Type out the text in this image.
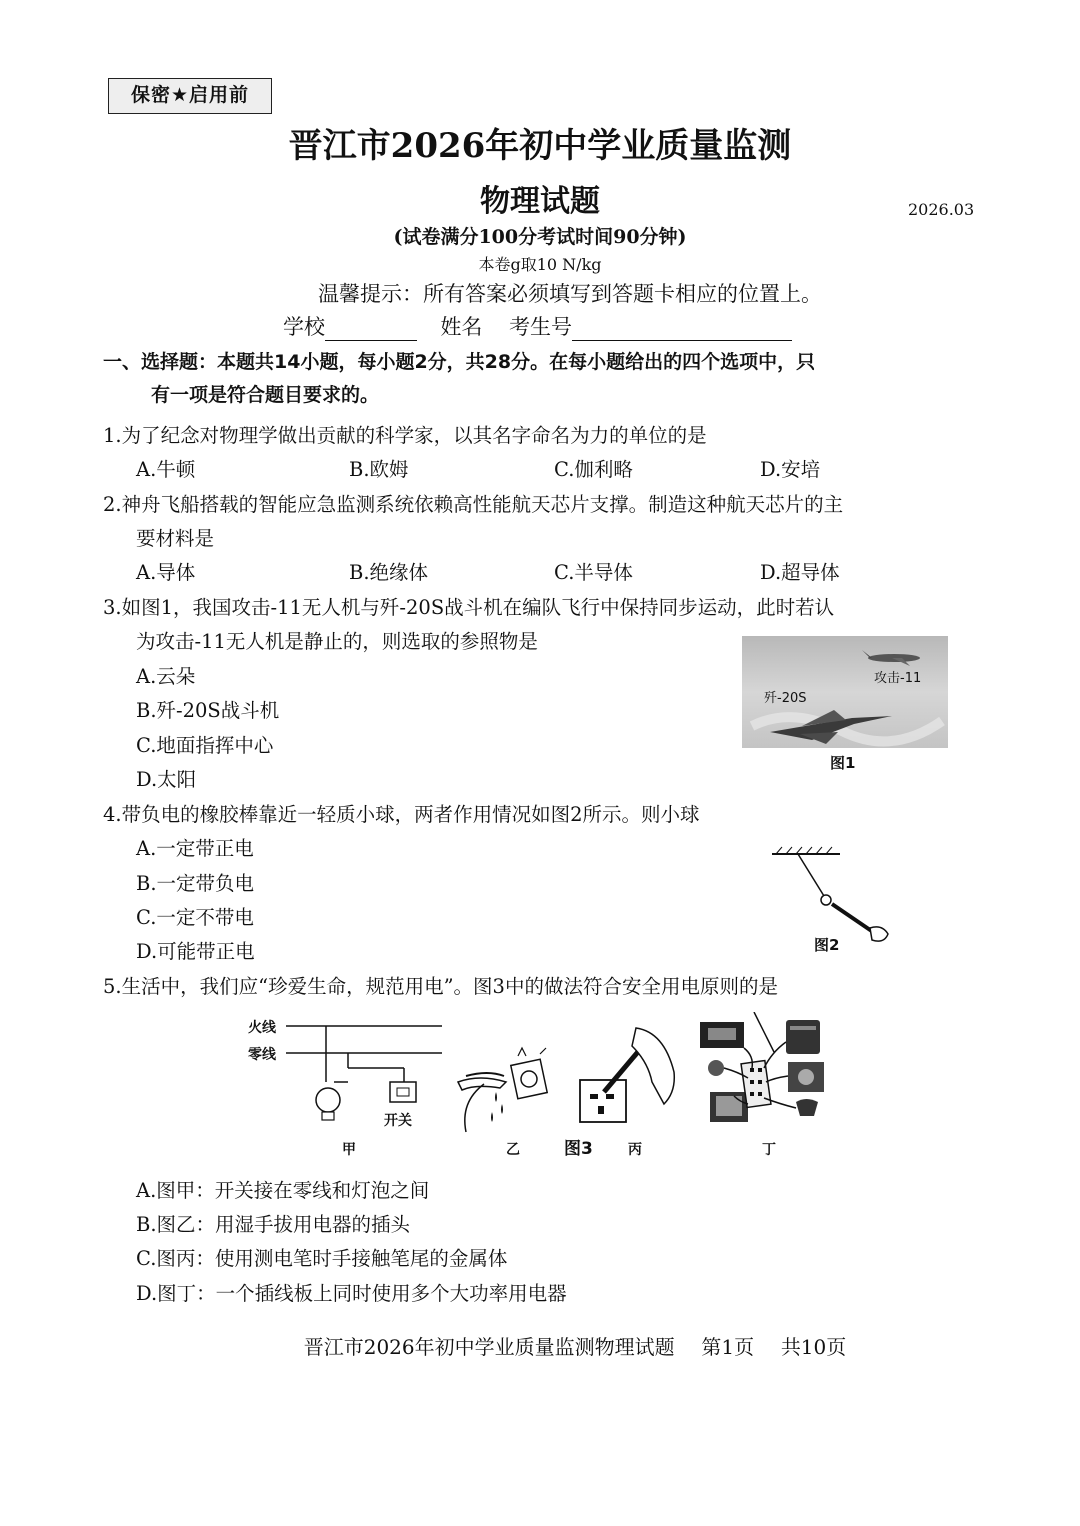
保密★启用前
晋江市2026年初中学业质量监测
物理试题	2026.03
(试卷满分100分考试时间90分钟)
本卷g取10 N/kg
温馨提示：所有答案必须填写到答题卡相应的位置上。
学校	姓名 考生号
一、选择题：本题共14小题，每小题2分，共28分。在每小题给出的四个选项中，只
有一项是符合题目要求的。
1.为了纪念对物理学做出贡献的科学家，以其名字命名为力的单位的是
A.牛顿	B.欧姆	C.伽利略	D.安培
2.神舟飞船搭载的智能应急监测系统依赖高性能航天芯片支撑。制造这种航天芯片的主
要材料是
A.导体	B.绝缘体	C.半导体	D.超导体
3.如图1，我国攻击-11无人机与歼-20S战斗机在编队飞行中保持同步运动，此时若认
为攻击-11无人机是静止的，则选取的参照物是
A.云朵
B.歼-20S战斗机
C.地面指挥中心
D.太阳
攻击-11
歼-20S
图1
4.带负电的橡胶棒靠近一轻质小球，两者作用情况如图2所示。则小球
A.一定带正电
B.一定带负电
C.一定不带电
D.可能带正电	图2
5.生活中，我们应“珍爱生命，规范用电”。图3中的做法符合安全用电原则的是
火线
零线
开关
甲	乙	图3	丙	丁
A.图甲：开关接在零线和灯泡之间
B.图乙：用湿手拔用电器的插头
C.图丙：使用测电笔时手接触笔尾的金属体
D.图丁：一个插线板上同时使用多个大功率用电器
晋江市2026年初中学业质量监测物理试题 第1页 共10页
